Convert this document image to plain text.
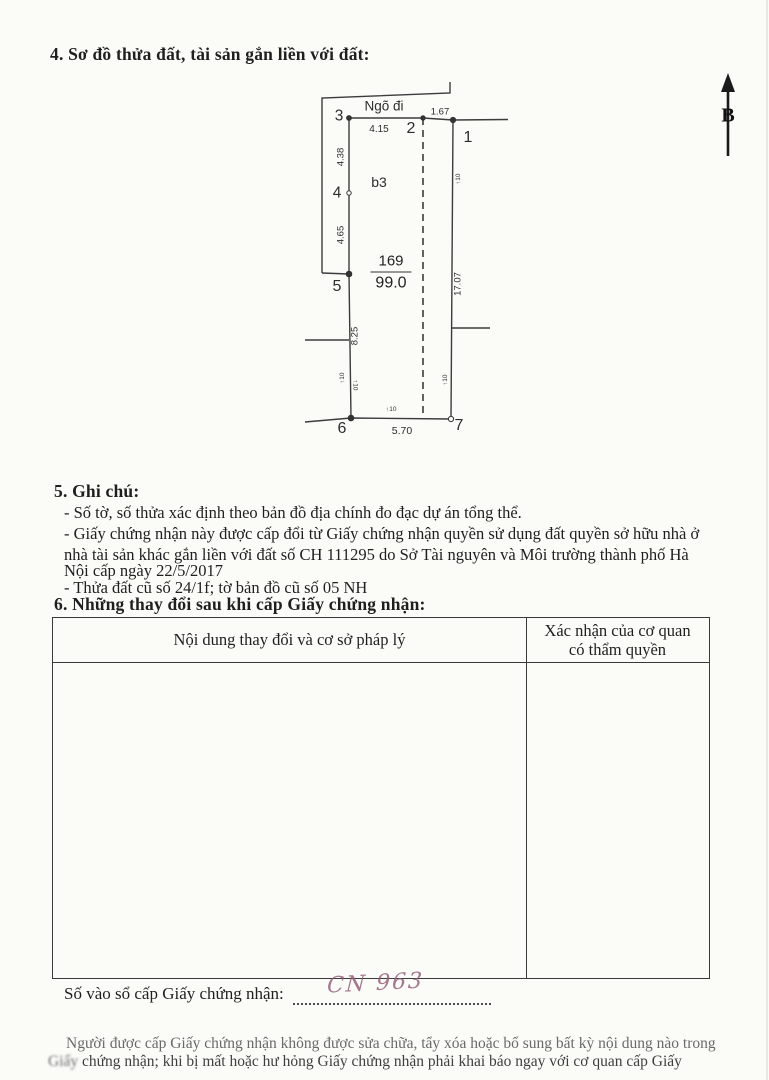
4. Sơ đồ thửa đất, tài sản gắn liền với đất:
Ngõ đi	1.67
3
4.15 2
1
4.38
b3
4
4.65
$5 \frac{169}{99.0}$
8.25
17.07
6	5.70	7
↑ 10
↑ 10
↑ 10
↑ 10
↑ 10
B
5. Ghi chú:
- Số tờ, số thửa xác định theo bản đồ địa chính đo đạc dự án tổng thể.
- Giấy chứng nhận này được cấp đổi từ Giấy chứng nhận quyền sử dụng đất quyền sở hữu nhà ở
nhà tài sản khác gắn liền với đất số CH 111295 do Sở Tài nguyên và Môi trường thành phố Hà
Nội cấp ngày 22/5/2017
- Thửa đất cũ số 24/1f; tờ bản đồ cũ số 05 NH
6. Những thay đổi sau khi cấp Giấy chứng nhận:
Nội dung thay đổi và cơ sở pháp lý	Xác nhận của cơ quan có thẩm quyền
Số vào sổ cấp Giấy chứng nhận: CN 963
Người được cấp Giấy chứng nhận không được sửa chữa, tẩy xóa hoặc bổ sung bất kỳ nội dung nào trong
Giấy chứng nhận; khi bị mất hoặc hư hỏng Giấy chứng nhận phải khai báo ngay với cơ quan cấp Giấy
